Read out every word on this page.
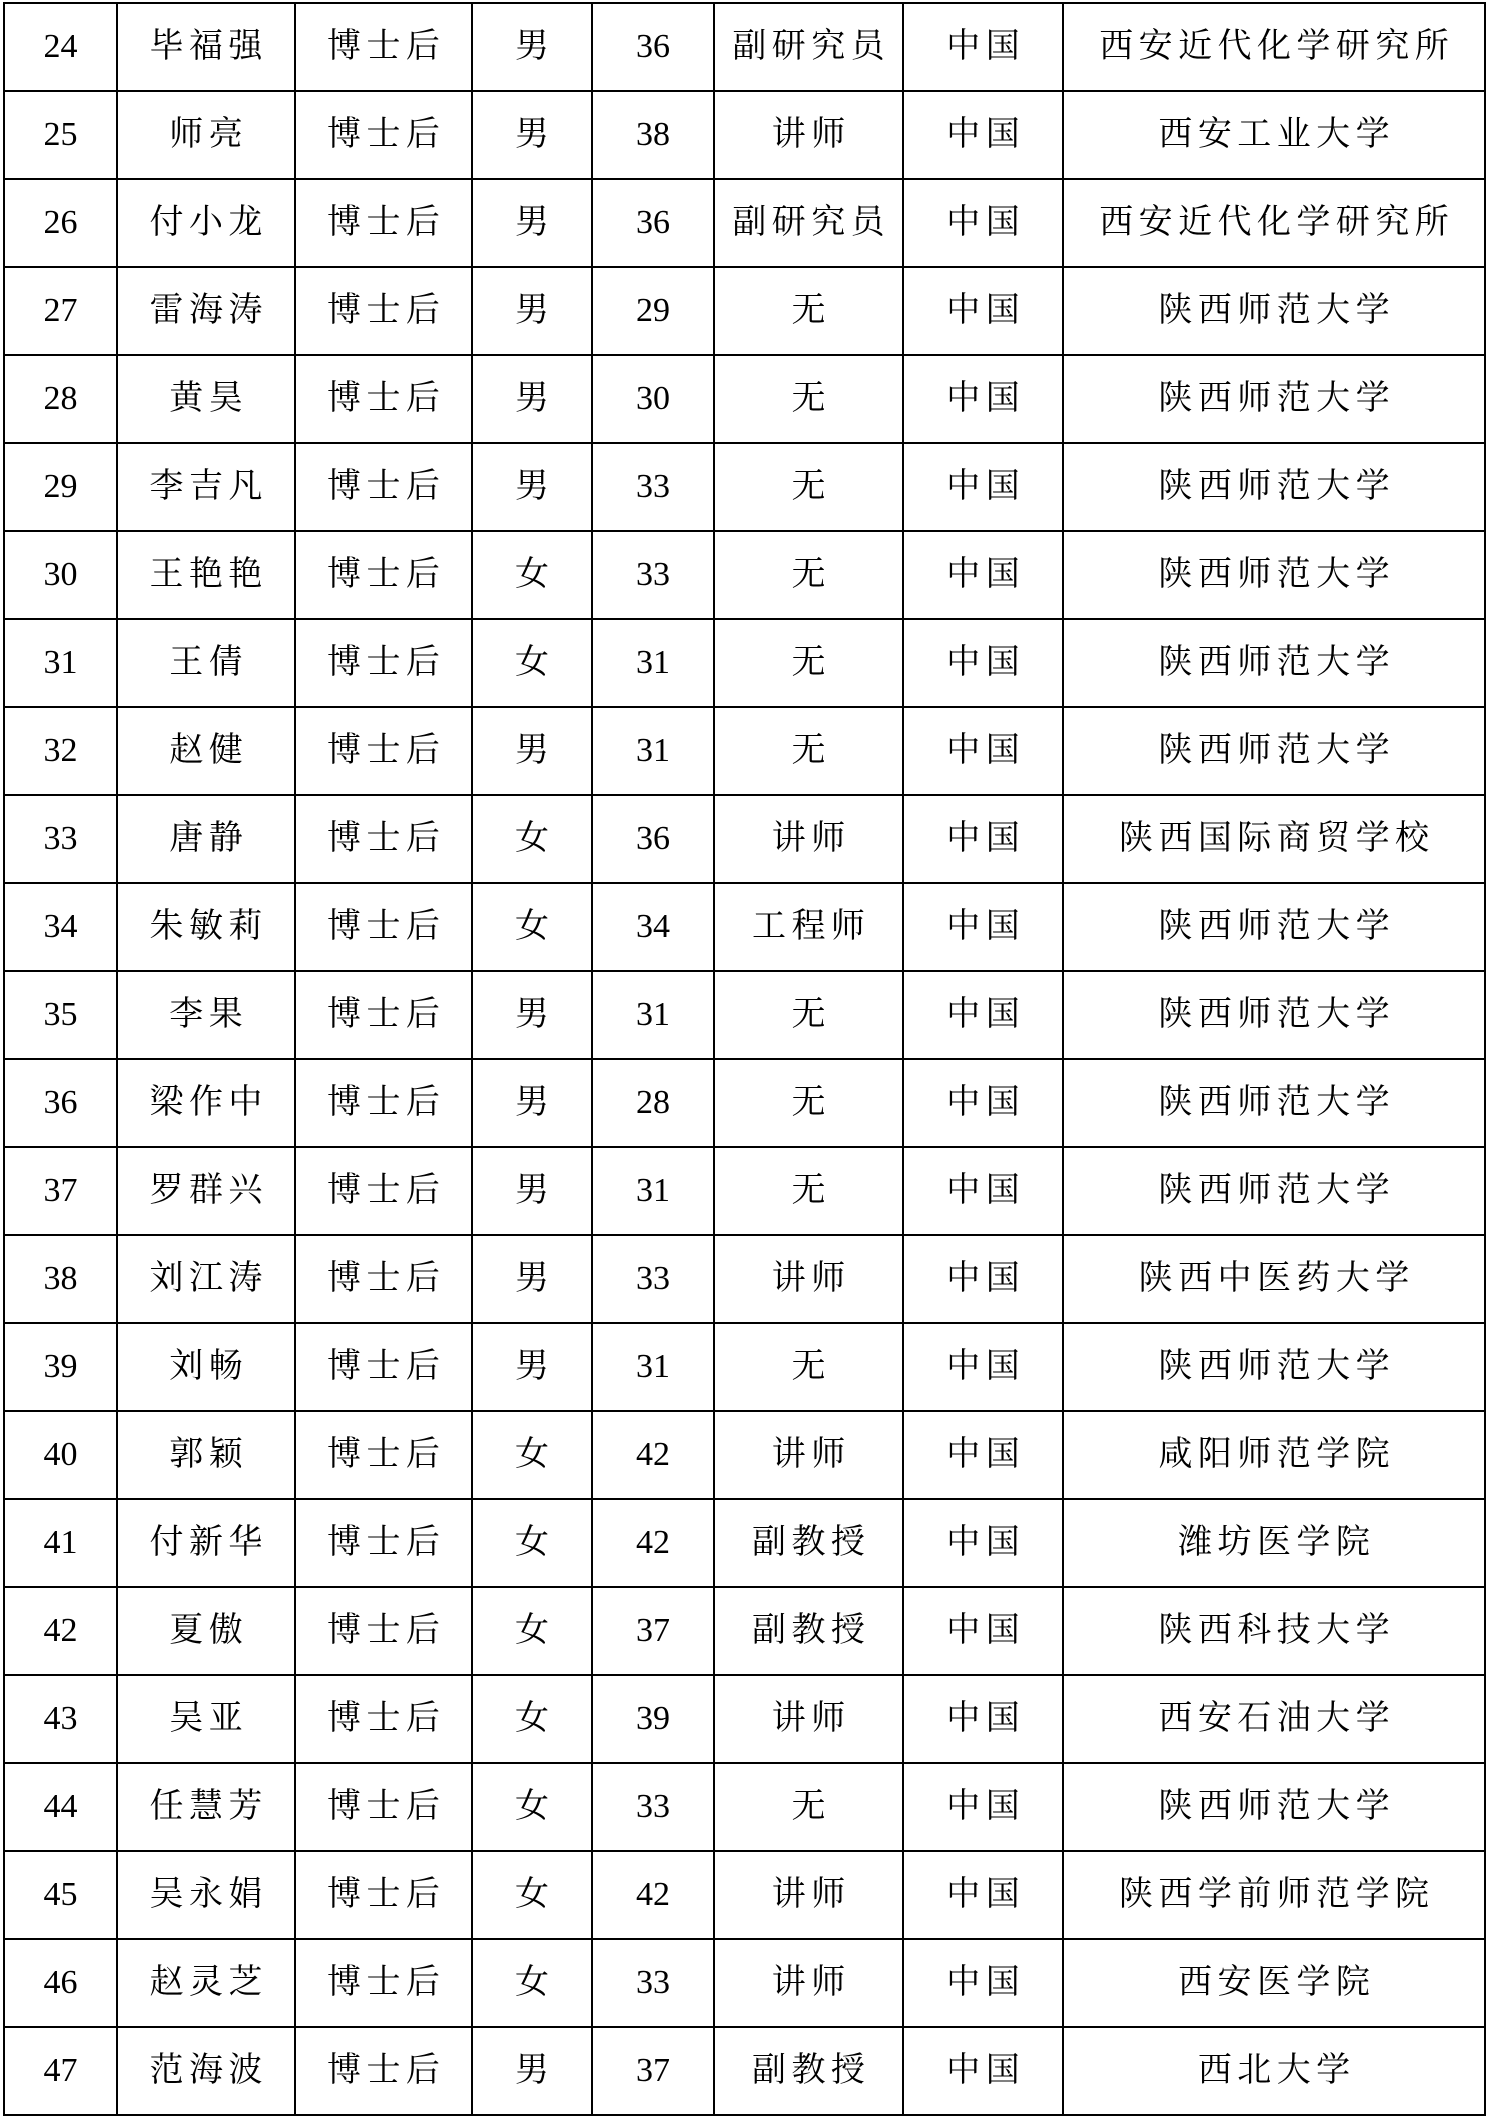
24	毕福强	博士后	男	36	副研究员	中国	西安近代化学研究所
25	师亮	博士后	男	38	讲师	中国	西安工业大学
26	付小龙	博士后	男	36	副研究员	中国	西安近代化学研究所
27	雷海涛	博士后	男	29	无	中国	陕西师范大学
28	黄昊	博士后	男	30	无	中国	陕西师范大学
29	李吉凡	博士后	男	33	无	中国	陕西师范大学
30	王艳艳	博士后	女	33	无	中国	陕西师范大学
31	王倩	博士后	女	31	无	中国	陕西师范大学
32	赵健	博士后	男	31	无	中国	陕西师范大学
33	唐静	博士后	女	36	讲师	中国	陕西国际商贸学校
34	朱敏莉	博士后	女	34	工程师	中国	陕西师范大学
35	李果	博士后	男	31	无	中国	陕西师范大学
36	梁作中	博士后	男	28	无	中国	陕西师范大学
37	罗群兴	博士后	男	31	无	中国	陕西师范大学
38	刘江涛	博士后	男	33	讲师	中国	陕西中医药大学
39	刘畅	博士后	男	31	无	中国	陕西师范大学
40	郭颖	博士后	女	42	讲师	中国	咸阳师范学院
41	付新华	博士后	女	42	副教授	中国	潍坊医学院
42	夏傲	博士后	女	37	副教授	中国	陕西科技大学
43	吴亚	博士后	女	39	讲师	中国	西安石油大学
44	任慧芳	博士后	女	33	无	中国	陕西师范大学
45	吴永娟	博士后	女	42	讲师	中国	陕西学前师范学院
46	赵灵芝	博士后	女	33	讲师	中国	西安医学院
47	范海波	博士后	男	37	副教授	中国	西北大学
